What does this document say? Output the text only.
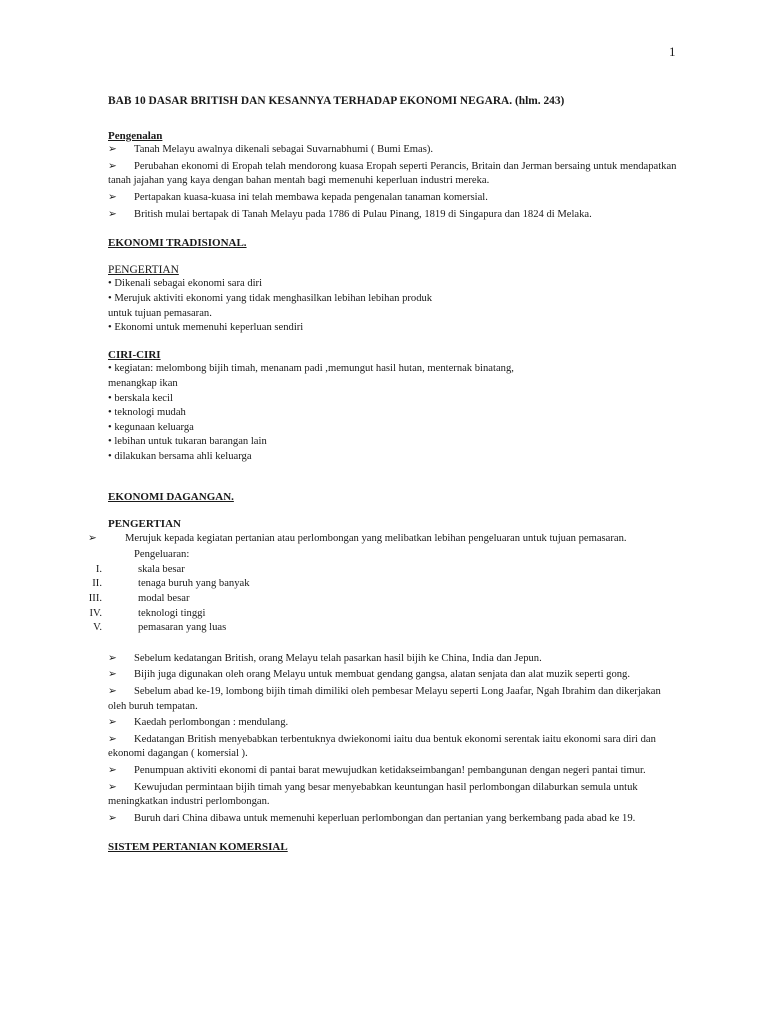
1

BAB 10 DASAR BRITISH DAN KESANNYA TERHADAP EKONOMI NEGARA. (hlm. 243)

Pengenalan

➢ Tanah Melayu awalnya dikenali sebagai Suvarnabhumi ( Bumi Emas).

➢ Perubahan ekonomi di Eropah telah mendorong kuasa Eropah seperti Perancis, Britain dan Jerman bersaing untuk mendapatkan tanah jajahan yang kaya dengan bahan mentah bagi memenuhi keperluan industri mereka.

➢ Pertapakan kuasa-kuasa ini telah membawa kepada pengenalan tanaman komersial.

➢ British mulai bertapak di Tanah Melayu pada 1786 di Pulau Pinang, 1819 di Singapura dan 1824 di Melaka.

EKONOMI TRADISIONAL.

PENGERTIAN

• Dikenali sebagai ekonomi sara diri

• Merujuk aktiviti ekonomi yang tidak menghasilkan lebihan lebihan produk

untuk tujuan pemasaran.

• Ekonomi untuk memenuhi keperluan sendiri

CIRI-CIRI

• kegiatan: melombong bijih timah, menanam padi ,memungut hasil hutan, menternak binatang,

menangkap ikan

• berskala kecil

• teknologi mudah

• kegunaan keluarga

• lebihan untuk tukaran barangan lain

• dilakukan bersama ahli keluarga

EKONOMI DAGANGAN.

PENGERTIAN

➢	Merujuk kepada kegiatan pertanian atau perlombongan yang melibatkan lebihan pengeluaran untuk tujuan pemasaran.

Pengeluaran:

I.	skala besar
II.	tenaga buruh yang banyak
III.	modal besar
IV.	teknologi tinggi
V.	pemasaran yang luas

➢ Sebelum kedatangan British, orang Melayu telah pasarkan hasil bijih ke China, India dan Jepun.

➢ Bijih juga digunakan oleh orang Melayu untuk membuat gendang gangsa, alatan senjata dan alat muzik seperti gong.

➢ Sebelum abad ke-19, lombong bijih timah dimiliki oleh pembesar Melayu seperti Long Jaafar, Ngah Ibrahim dan dikerjakan oleh buruh tempatan.

➢ Kaedah perlombongan : mendulang.

➢ Kedatangan British menyebabkan terbentuknya dwiekonomi iaitu dua bentuk ekonomi serentak iaitu ekonomi sara diri dan ekonomi dagangan ( komersial ).

➢ Penumpuan aktiviti ekonomi di pantai barat mewujudkan ketidakseimbangan! pembangunan dengan negeri pantai timur.

➢ Kewujudan permintaan bijih timah yang besar menyebabkan keuntungan hasil perlombongan dilaburkan semula untuk meningkatkan industri perlombongan.

➢ Buruh dari China dibawa untuk memenuhi keperluan perlombongan dan pertanian yang berkembang pada abad ke 19.

SISTEM PERTANIAN KOMERSIAL
